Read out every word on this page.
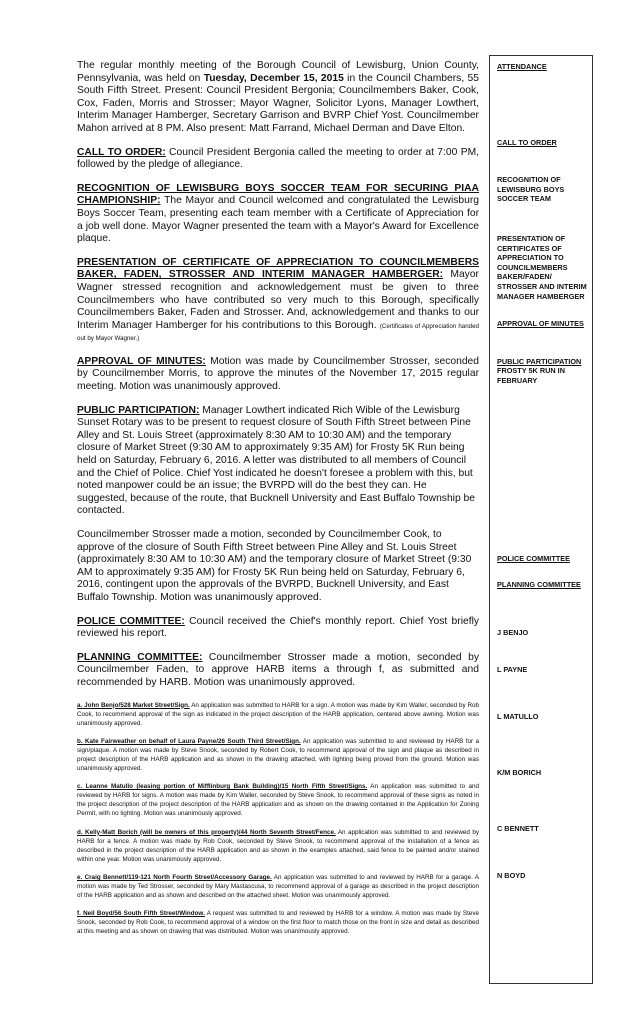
The regular monthly meeting of the Borough Council of Lewisburg, Union County, Pennsylvania, was held on Tuesday, December 15, 2015 in the Council Chambers, 55 South Fifth Street. Present: Council President Bergonia; Councilmembers Baker, Cook, Cox, Faden, Morris and Strosser; Mayor Wagner, Solicitor Lyons, Manager Lowthert, Interim Manager Hamberger, Secretary Garrison and BVRP Chief Yost. Councilmember Mahon arrived at 8 PM. Also present: Matt Farrand, Michael Derman and Dave Elton.

CALL TO ORDER: Council President Bergonia called the meeting to order at 7:00 PM, followed by the pledge of allegiance.

RECOGNITION OF LEWISBURG BOYS SOCCER TEAM FOR SECURING PIAA CHAMPIONSHIP: The Mayor and Council welcomed and congratulated the Lewisburg Boys Soccer Team, presenting each team member with a Certificate of Appreciation for a job well done. Mayor Wagner presented the team with a Mayor's Award for Excellence plaque.

PRESENTATION OF CERTIFICATE OF APPRECIATION TO COUNCILMEMBERS BAKER, FADEN, STROSSER AND INTERIM MANAGER HAMBERGER: Mayor Wagner stressed recognition and acknowledgement must be given to three Councilmembers who have contributed so very much to this Borough, specifically Councilmembers Baker, Faden and Strosser. And, acknowledgement and thanks to our Interim Manager Hamberger for his contributions to this Borough. (Certificates of Appreciation handed out by Mayor Wagner.)

APPROVAL OF MINUTES: Motion was made by Councilmember Strosser, seconded by Councilmember Morris, to approve the minutes of the November 17, 2015 regular meeting. Motion was unanimously approved.

PUBLIC PARTICIPATION: Manager Lowthert indicated Rich Wible of the Lewisburg Sunset Rotary was to be present to request closure of South Fifth Street between Pine Alley and St. Louis Street (approximately 8:30 AM to 10:30 AM) and the temporary closure of Market Street (9:30 AM to approximately 9:35 AM) for Frosty 5K Run being held on Saturday, February 6, 2016. A letter was distributed to all members of Council and the Chief of Police. Chief Yost indicated he doesn't foresee a problem with this, but noted manpower could be an issue; the BVRPD will do the best they can. He suggested, because of the route, that Bucknell University and East Buffalo Township be contacted.

Councilmember Strosser made a motion, seconded by Councilmember Cook, to approve of the closure of South Fifth Street between Pine Alley and St. Louis Street (approximately 8:30 AM to 10:30 AM) and the temporary closure of Market Street (9:30 AM to approximately 9:35 AM) for Frosty 5K Run being held on Saturday, February 6, 2016, contingent upon the approvals of the BVRPD, Bucknell University, and East Buffalo Township. Motion was unanimously approved.

POLICE COMMITTEE: Council received the Chief's monthly report. Chief Yost briefly reviewed his report.

PLANNING COMMITTEE: Councilmember Strosser made a motion, seconded by Councilmember Faden, to approve HARB items a through f, as submitted and recommended by HARB. Motion was unanimously approved.

a. John Benjo/528 Market Street/Sign. An application was submitted to HARB for a sign. A motion was made by Kim Waller, seconded by Rob Cook, to recommend approval of the sign as indicated in the project description of the HARB application, centered above awning. Motion was unanimously approved.

b. Kate Fairweather on behalf of Laura Payne/26 South Third Street/Sign. An application was submitted to and reviewed by HARB for a sign/plaque. A motion was made by Steve Snook, seconded by Robert Cook, to recommend approval of the sign and plaque as described in project description of the HARB application and as shown in the drawing attached, with lighting being proved from the ground. Motion was unanimously approved.

c. Leanne Matullo (leasing portion of Mifflinburg Bank Building)/15 North Fifth Street/Signs. An application was submitted to and reviewed by HARB for signs. A motion was made by Kim Waller, seconded by Steve Snook, to recommend approval of these signs as noted in the project description of the project description of the HARB application and as shown on the drawing contained in the Application for Zoning Permit, with no lighting. Motion was unanimously approved.

d. Kelly-Matt Borich (will be owners of this property)/44 North Seventh Street/Fence. An application was submitted to and reviewed by HARB for a fence. A motion was made by Rob Cook, seconded by Steve Snook, to recommend approval of the installation of a fence as described in the project description of the HARB application and as shown in the examples attached, said fence to be painted and/or stained within one year. Motion was unanimously approved.

e. Craig Bennett/119-121 North Fourth Street/Accessory Garage. An application was submitted to and reviewed by HARB for a garage. A motion was made by Ted Strosser, seconded by Mary Mastascusa, to recommend approval of a garage as described in the project description of the HARB application and as shown and described on the attached sheet. Motion was unanimously approved.

f. Neil Boyd/56 South Fifth Street/Window. A request was submitted to and reviewed by HARB for a window. A motion was made by Steve Snook, seconded by Rob Cook, to recommend approval of a window on the first floor to match those on the front in size and detail as described at this meeting and as shown on drawing that was distributed. Motion was unanimously approved.

ATTENDANCE

CALL TO ORDER

RECOGNITION OF LEWISBURG BOYS SOCCER TEAM

PRESENTATION OF CERTIFICATES OF APPRECIATION TO COUNCILMEMBERS BAKER/FADEN/ STROSSER AND INTERIM MANAGER HAMBERGER

APPROVAL OF MINUTES

PUBLIC PARTICIPATION
FROSTY 5K RUN IN FEBRUARY

POLICE COMMITTEE

PLANNING COMMITTEE

J BENJO

L PAYNE

L MATULLO

K/M BORICH

C BENNETT

N BOYD
